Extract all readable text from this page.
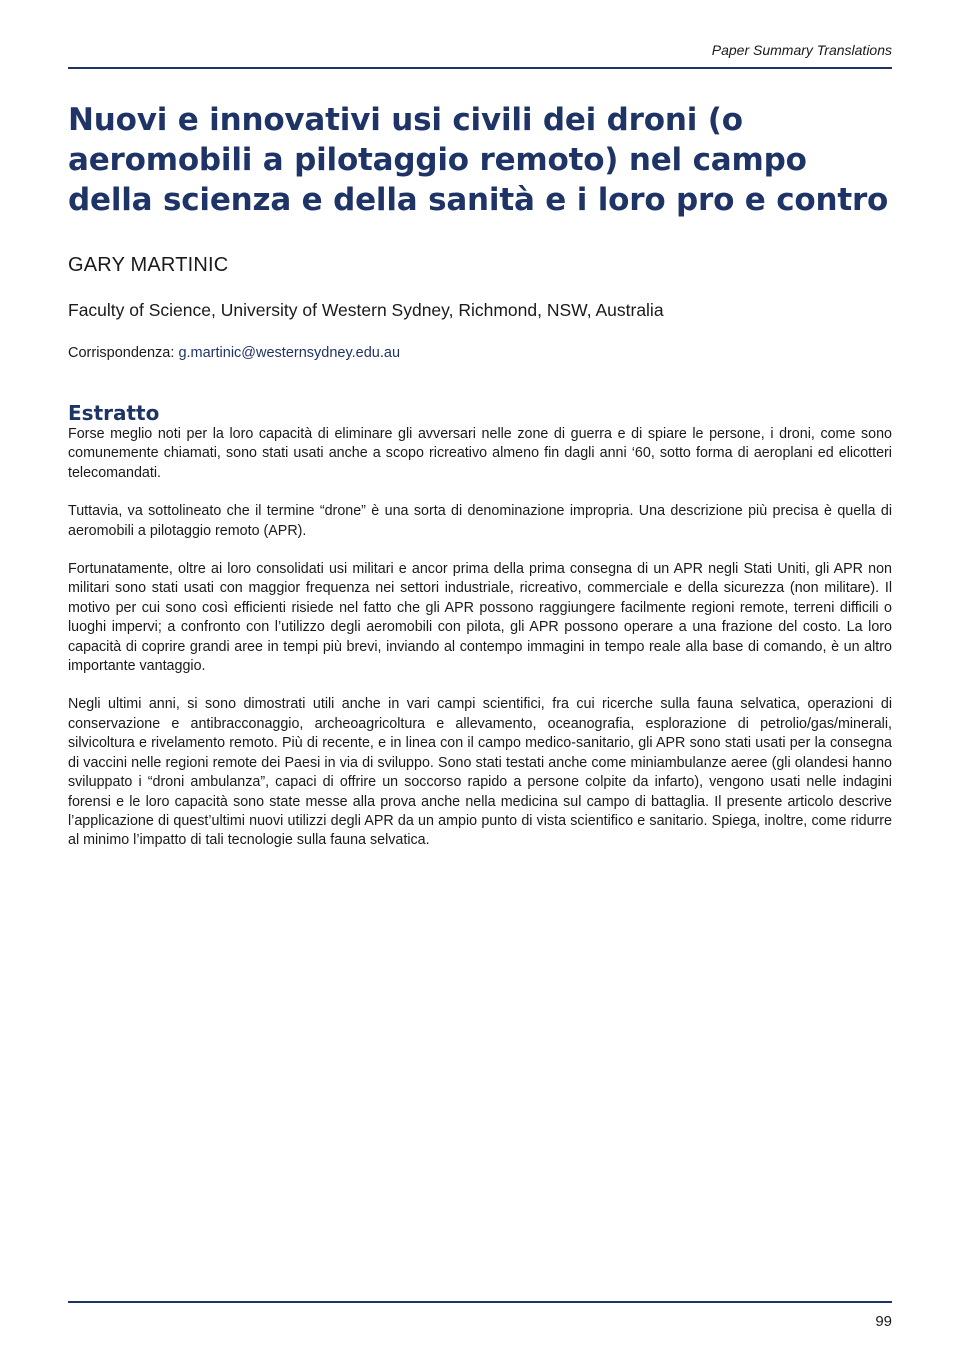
Paper Summary Translations
Nuovi e innovativi usi civili dei droni (o aeromobili a pilotaggio remoto) nel campo della scienza e della sanità e i loro pro e contro
GARY MARTINIC
Faculty of Science, University of Western Sydney, Richmond, NSW, Australia
Corrispondenza: g.martinic@westernsydney.edu.au
Estratto

Forse meglio noti per la loro capacità di eliminare gli avversari nelle zone di guerra e di spiare le persone, i droni, come sono comunemente chiamati, sono stati usati anche a scopo ricreativo almeno fin dagli anni ‘60, sotto forma di aeroplani ed elicotteri telecomandati.

Tuttavia, va sottolineato che il termine “drone” è una sorta di denominazione impropria. Una descrizione più precisa è quella di aeromobili a pilotaggio remoto (APR).

Fortunatamente, oltre ai loro consolidati usi militari e ancor prima della prima consegna di un APR negli Stati Uniti, gli APR non militari sono stati usati con maggior frequenza nei settori industriale, ricreativo, commerciale e della sicurezza (non militare). Il motivo per cui sono così efficienti risiede nel fatto che gli APR possono raggiungere facilmente regioni remote, terreni difficili o luoghi impervi; a confronto con l’utilizzo degli aeromobili con pilota, gli APR possono operare a una frazione del costo. La loro capacità di coprire grandi aree in tempi più brevi, inviando al contempo immagini in tempo reale alla base di comando, è un altro importante vantaggio.

Negli ultimi anni, si sono dimostrati utili anche in vari campi scientifici, fra cui ricerche sulla fauna selvatica, operazioni di conservazione e antibracconaggio, archeoagricoltura e allevamento, oceanografia, esplorazione di petrolio/gas/minerali, silvicoltura e rivelamento remoto. Più di recente, e in linea con il campo medico-sanitario, gli APR sono stati usati per la consegna di vaccini nelle regioni remote dei Paesi in via di sviluppo. Sono stati testati anche come miniambulanze aeree (gli olandesi hanno sviluppato i “droni ambulanza”, capaci di offrire un soccorso rapido a persone colpite da infarto), vengono usati nelle indagini forensi e le loro capacità sono state messe alla prova anche nella medicina sul campo di battaglia. Il presente articolo descrive l’applicazione di quest’ultimi nuovi utilizzi degli APR da un ampio punto di vista scientifico e sanitario. Spiega, inoltre, come ridurre al minimo l’impatto di tali tecnologie sulla fauna selvatica.

99
